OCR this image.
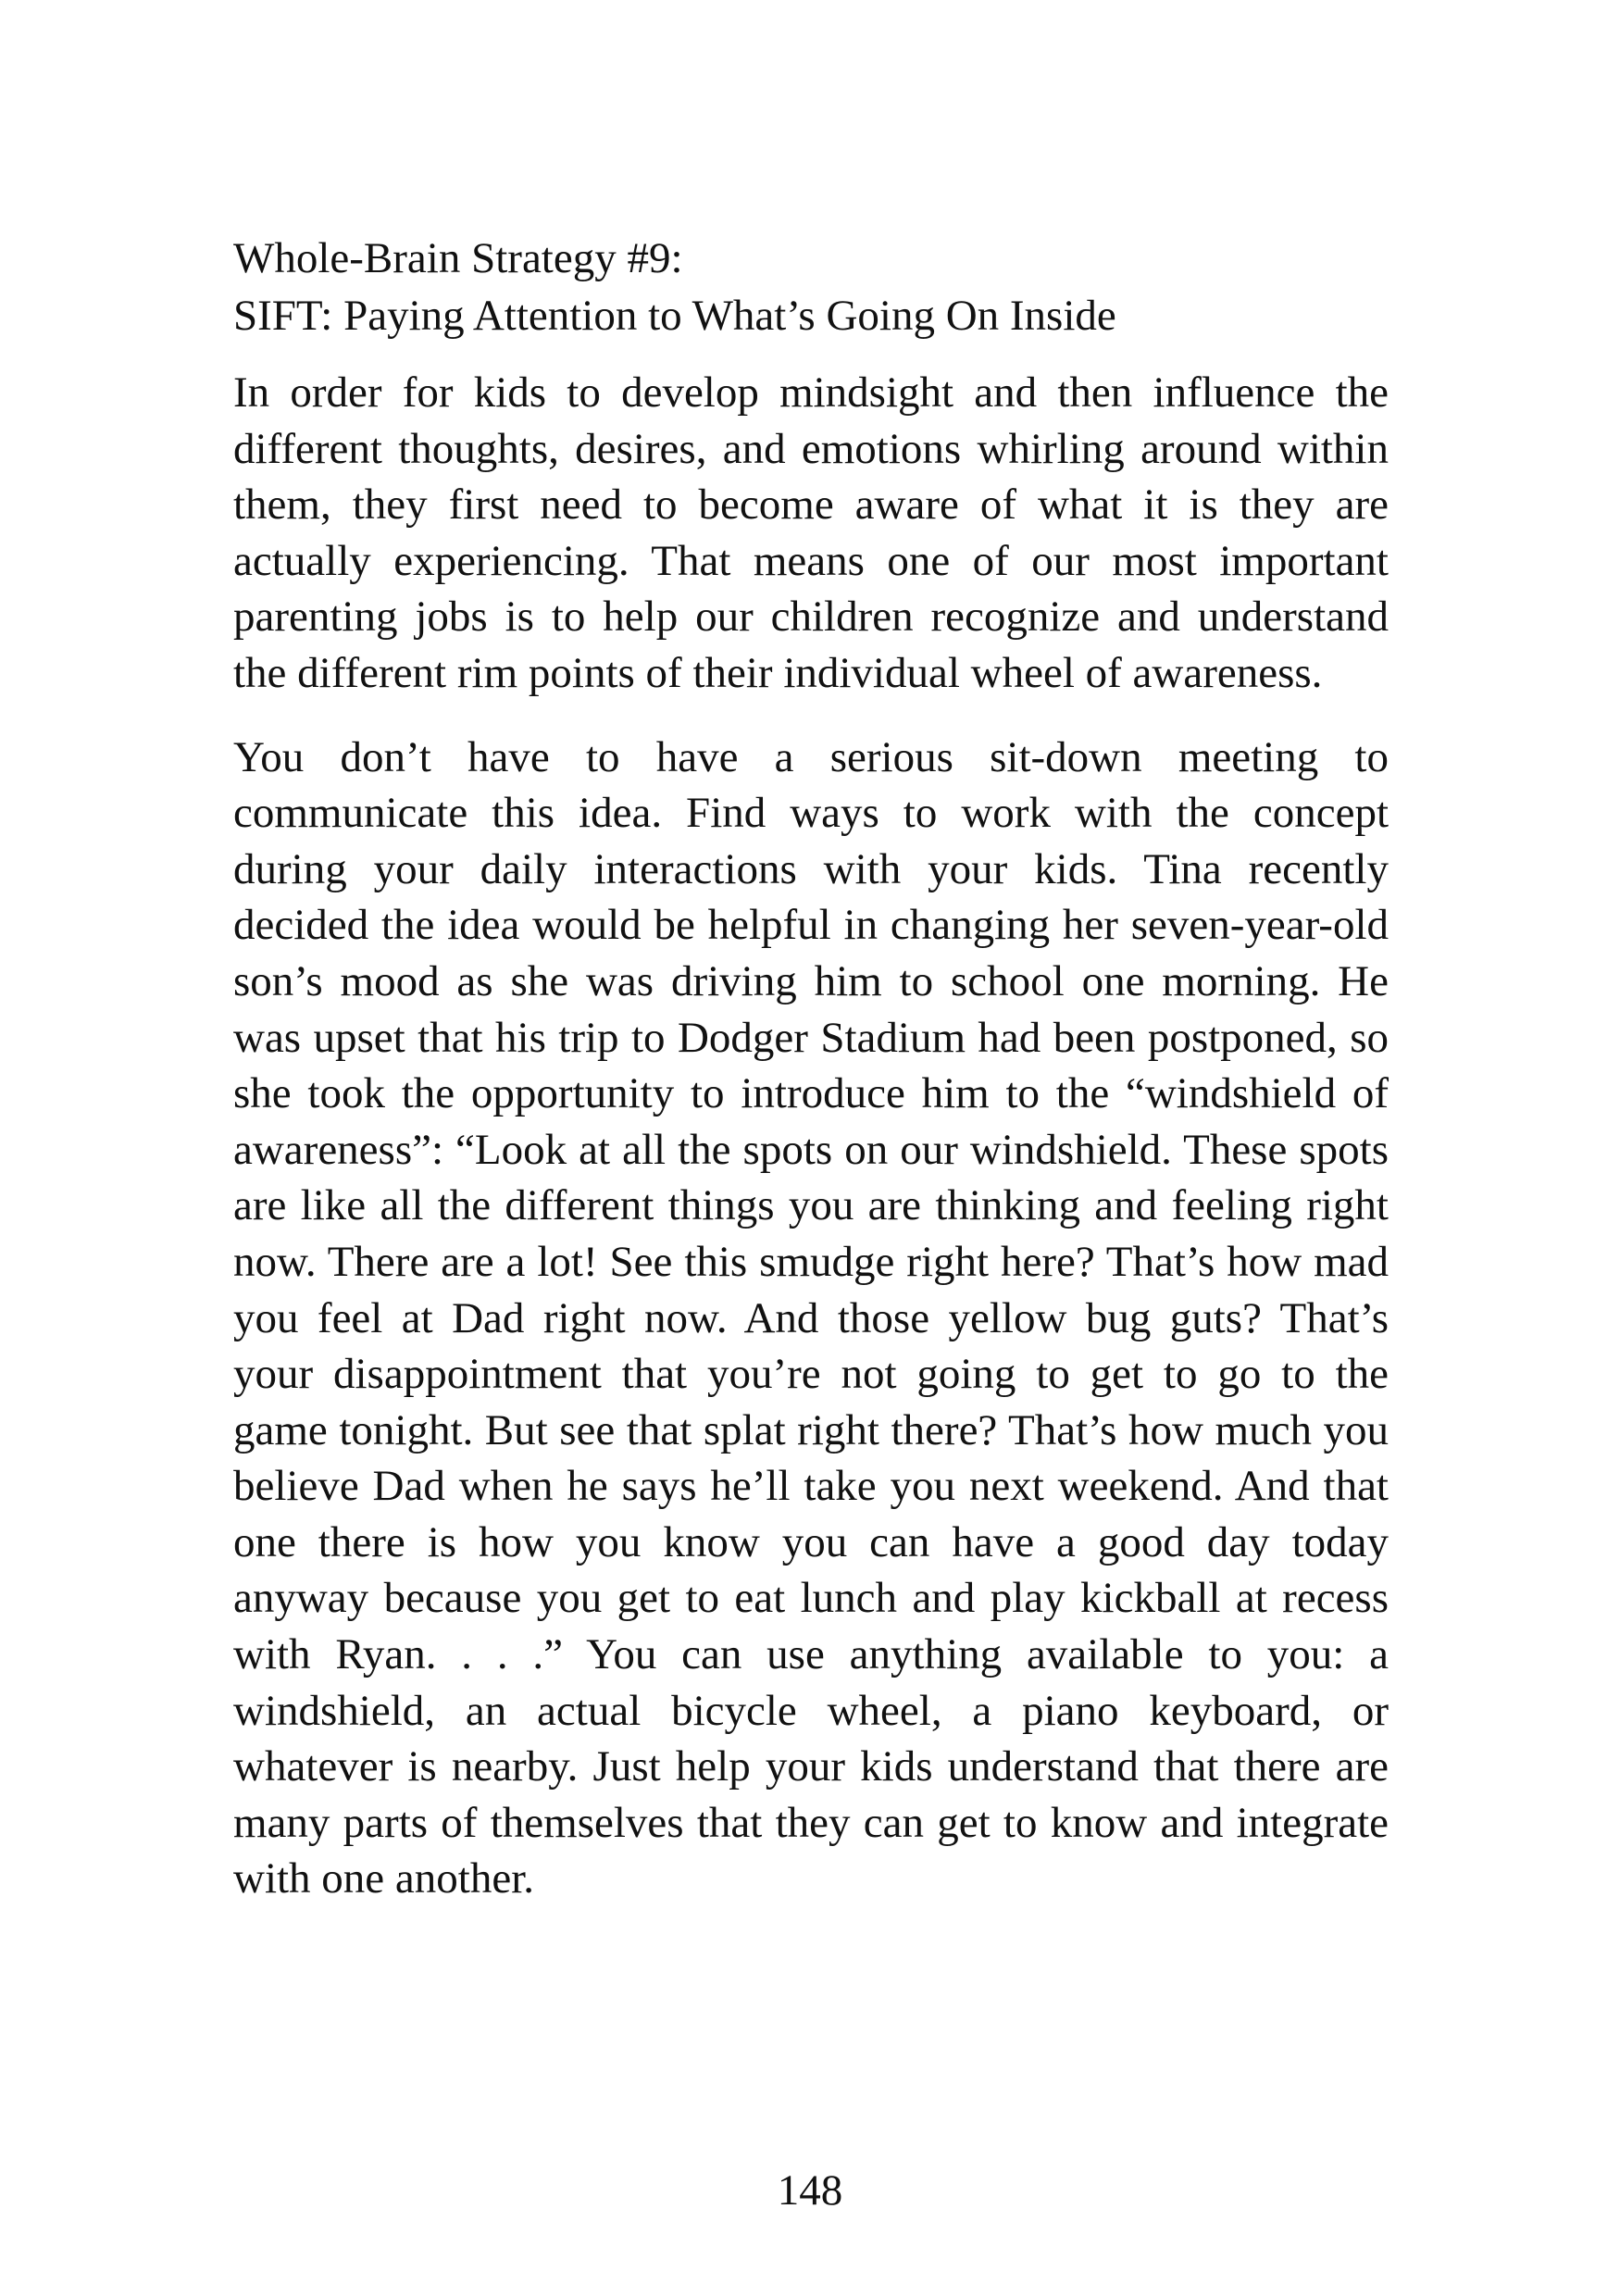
Whole-Brain Strategy #9:
SIFT: Paying Attention to What’s Going On Inside

In order for kids to develop mindsight and then influence the different thoughts, desires, and emotions whirling around within them, they first need to become aware of what it is they are actually experiencing. That means one of our most important parenting jobs is to help our children recognize and understand the different rim points of their individual wheel of awareness.

You don’t have to have a serious sit-down meeting to communicate this idea. Find ways to work with the concept during your daily interactions with your kids. Tina recently decided the idea would be helpful in changing her seven-year-old son’s mood as she was driving him to school one morning. He was upset that his trip to Dodger Stadium had been postponed, so she took the opportunity to introduce him to the “windshield of awareness”: “Look at all the spots on our windshield. These spots are like all the different things you are thinking and feeling right now. There are a lot! See this smudge right here? That’s how mad you feel at Dad right now. And those yellow bug guts? That’s your disappointment that you’re not going to get to go to the game tonight. But see that splat right there? That’s how much you believe Dad when he says he’ll take you next weekend. And that one there is how you know you can have a good day today anyway because you get to eat lunch and play kickball at recess with Ryan. . . .” You can use anything available to you: a windshield, an actual bicycle wheel, a piano keyboard, or whatever is nearby. Just help your kids understand that there are many parts of themselves that they can get to know and integrate with one another.

148
